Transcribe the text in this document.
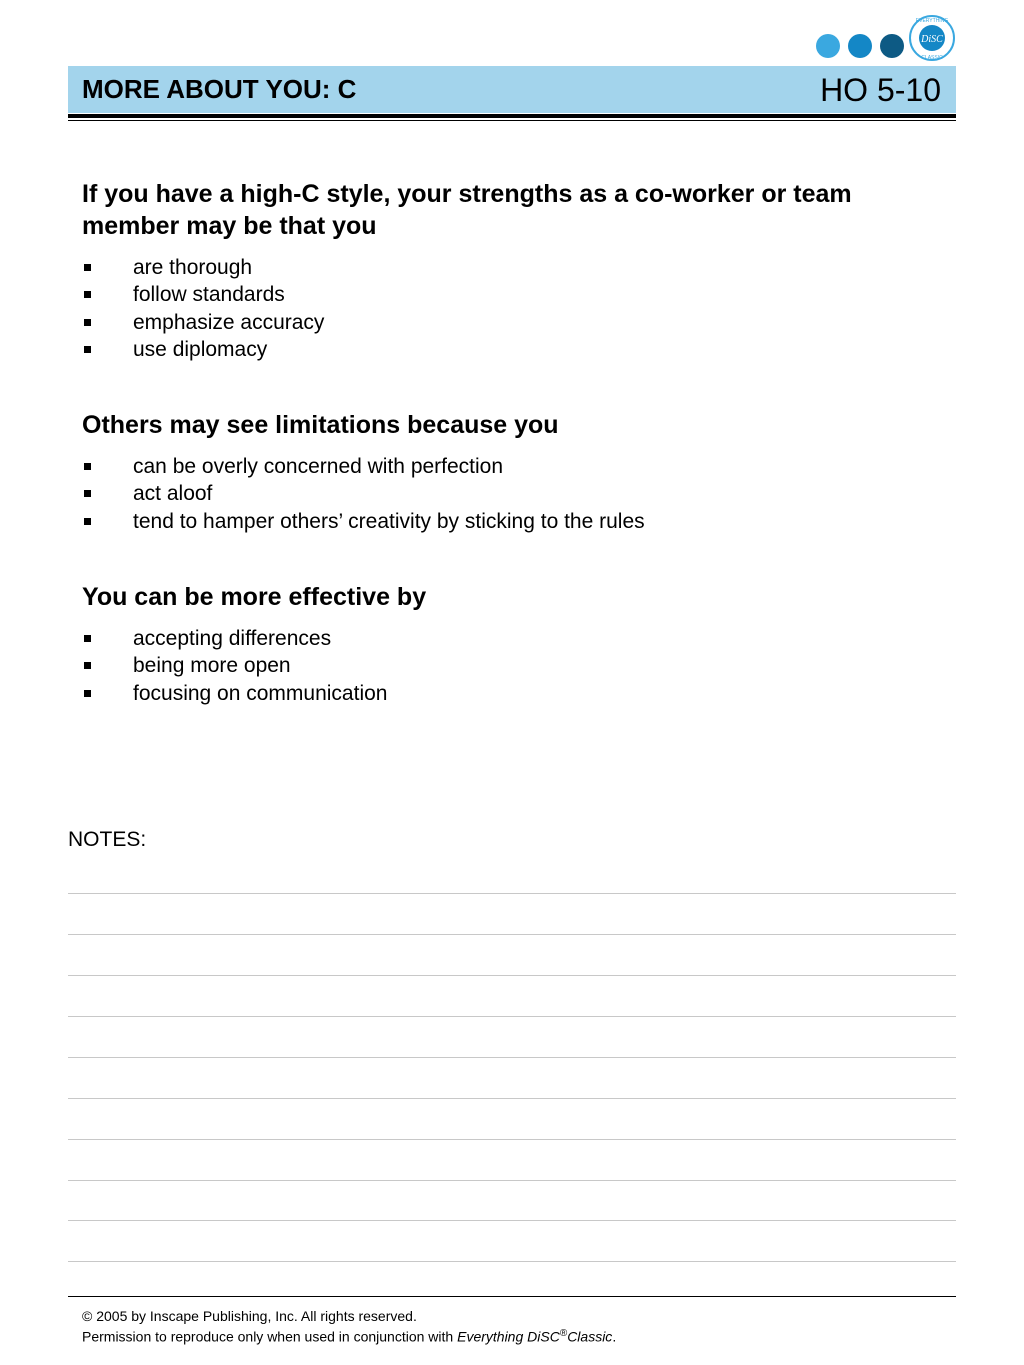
DiSC
EVERYTHING
CLASSIC
MORE ABOUT YOU: C	HO 5-10
If you have a high-C style, your strengths as a co-worker or team member may be that you
are thorough
follow standards
emphasize accuracy
use diplomacy
Others may see limitations because you
can be overly concerned with perfection
act aloof
tend to hamper others’ creativity by sticking to the rules
You can be more effective by
accepting differences
being more open
focusing on communication
NOTES:
© 2005 by Inscape Publishing, Inc. All rights reserved.
Permission to reproduce only when used in conjunction with Everything DiSC®Classic.
